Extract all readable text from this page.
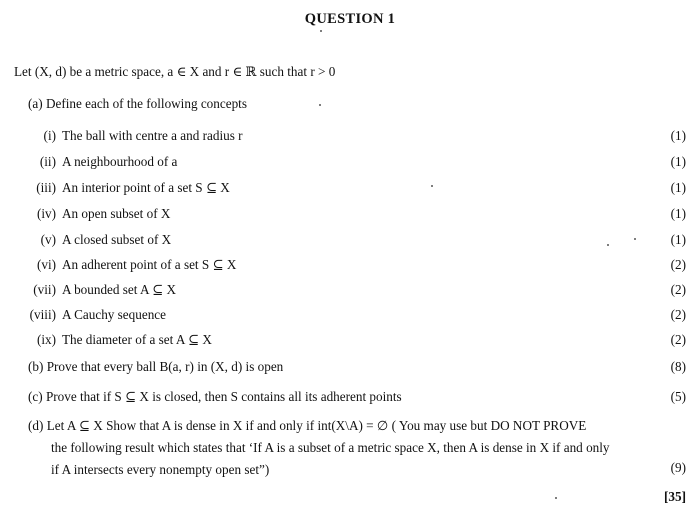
QUESTION 1
Let (X, d) be a metric space, a ∈ X and r ∈ ℝ such that r > 0
(a) Define each of the following concepts
(i) The ball with centre a and radius r	(1)
(ii) A neighbourhood of a	(1)
(iii) An interior point of a set S ⊆ X	(1)
(iv) An open subset of X	(1)
(v) A closed subset of X	(1)
(vi) An adherent point of a set S ⊆ X	(2)
(vii) A bounded set A ⊆ X	(2)
(viii) A Cauchy sequence	(2)
(ix) The diameter of a set A ⊆ X	(2)
(b) Prove that every ball B(a, r) in (X, d) is open	(8)
(c) Prove that if S ⊆ X is closed, then S contains all its adherent points	(5)
(d) Let A ⊆ X Show that A is dense in X if and only if int(X\A) = ∅ ( You may use but DO NOT PROVE
the following result which states that ‘If A is a subset of a metric space X, then A is dense in X if and only
if A intersects every nonempty open set”)	(9)
[35]
